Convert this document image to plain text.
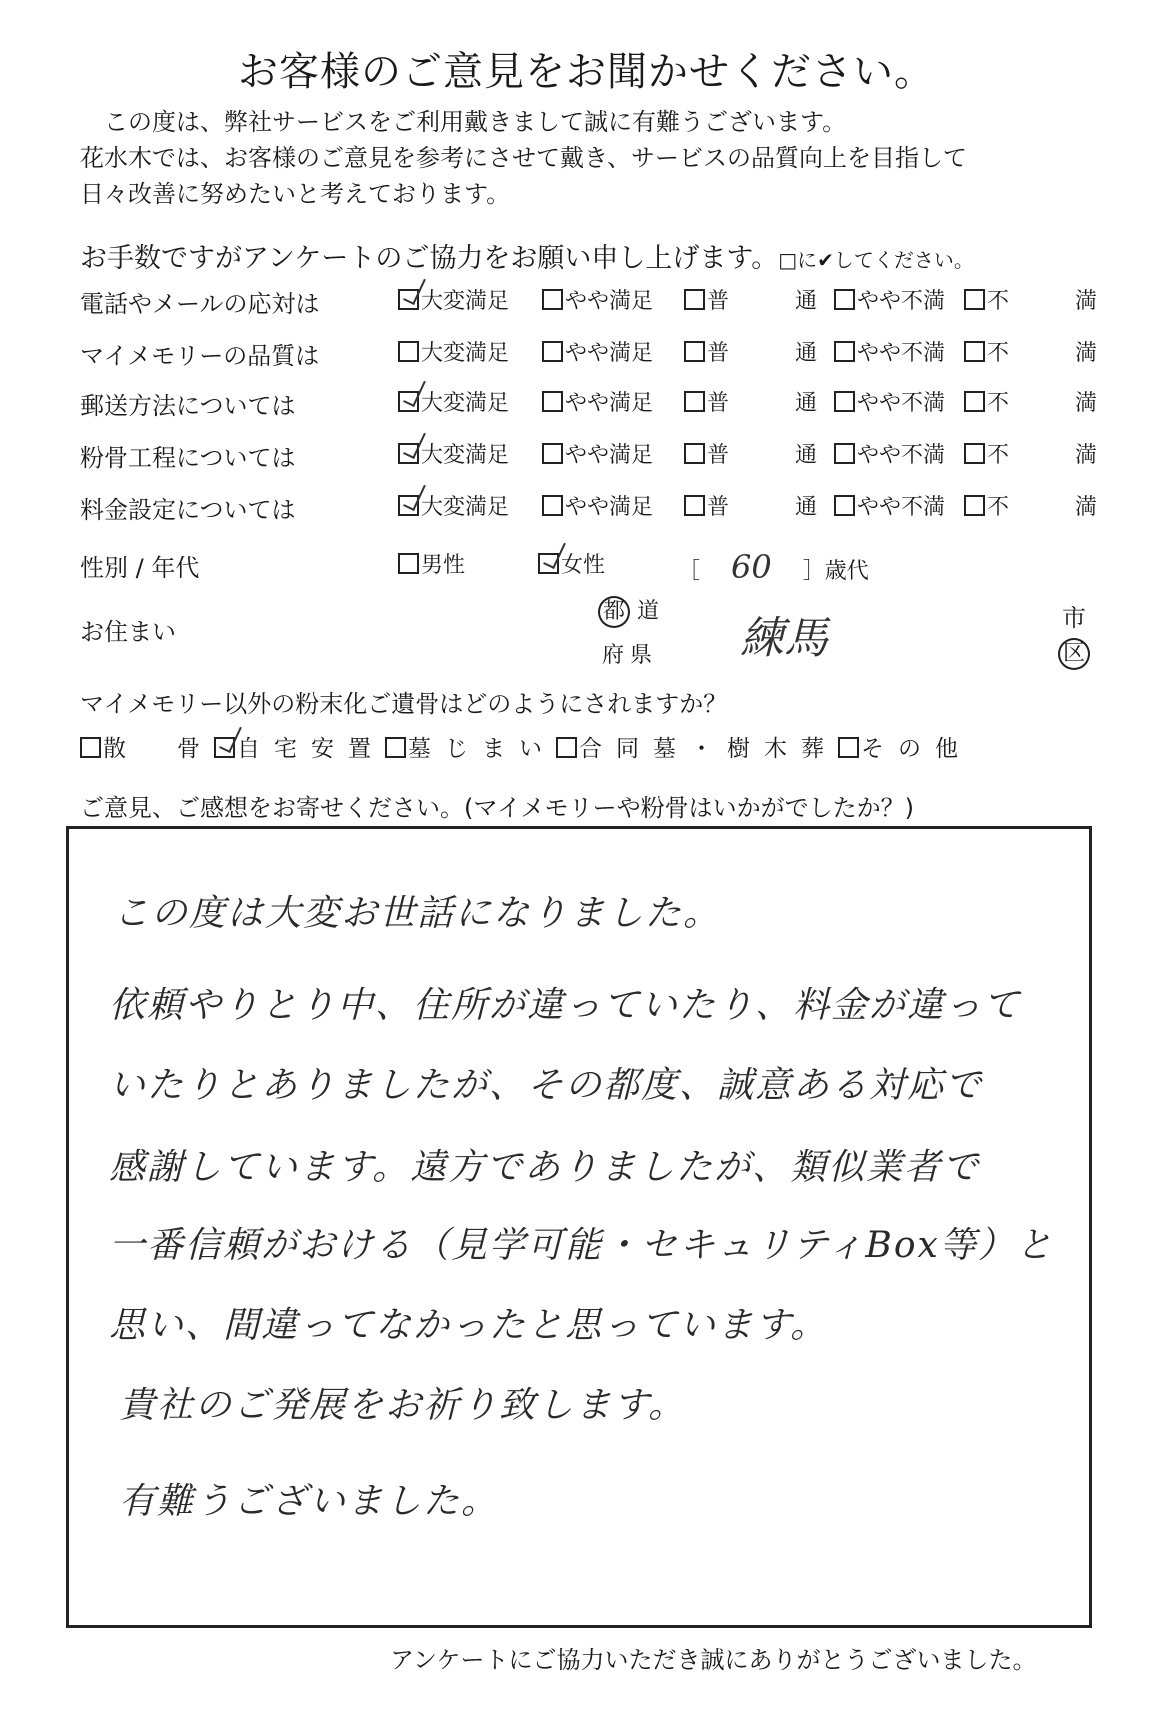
お客様のご意見をお聞かせください。
　この度は、弊社サービスをご利用戴きまして誠に有難うございます。
花水木では、お客様のご意見を参考にさせて戴き、サービスの品質向上を目指して
日々改善に努めたいと考えております。
お手数ですがアンケートのご協力をお願い申し上げます。□に✔してください。
電話やメールの応対は	大変満足	やや満足	普　　　通	やや不満	不　　　満
マイメモリーの品質は	大変満足	やや満足	普　　　通	やや不満	不　　　満
郵送方法については	大変満足	やや満足	普　　　通	やや不満	不　　　満
粉骨工程については	大変満足	やや満足	普　　　通	やや不満	不　　　満
料金設定については	大変満足	やや満足	普　　　通	やや不満	不　　　満
性別 / 年代	男性	女性	［ 60 ］歳代
お住まい
都 道
府県 練馬	市
区
マイメモリー以外の粉末化ご遺骨はどのようにされますか？
散　骨 自宅安置 墓じまい 合同墓・樹木葬 その他
ご意見、ご感想をお寄せください。(マイメモリーや粉骨はいかがでしたか？)
この度は大変お世話になりました。
依頼やりとり中、住所が違っていたり、料金が違って
いたりとありましたが、その都度、誠意ある対応で
感謝しています。遠方でありましたが、類似業者で
一番信頼がおける（見学可能・セキュリティBox等）と
思い、間違ってなかったと思っています。
貴社のご発展をお祈り致します。
有難うございました。
アンケートにご協力いただき誠にありがとうございました。
